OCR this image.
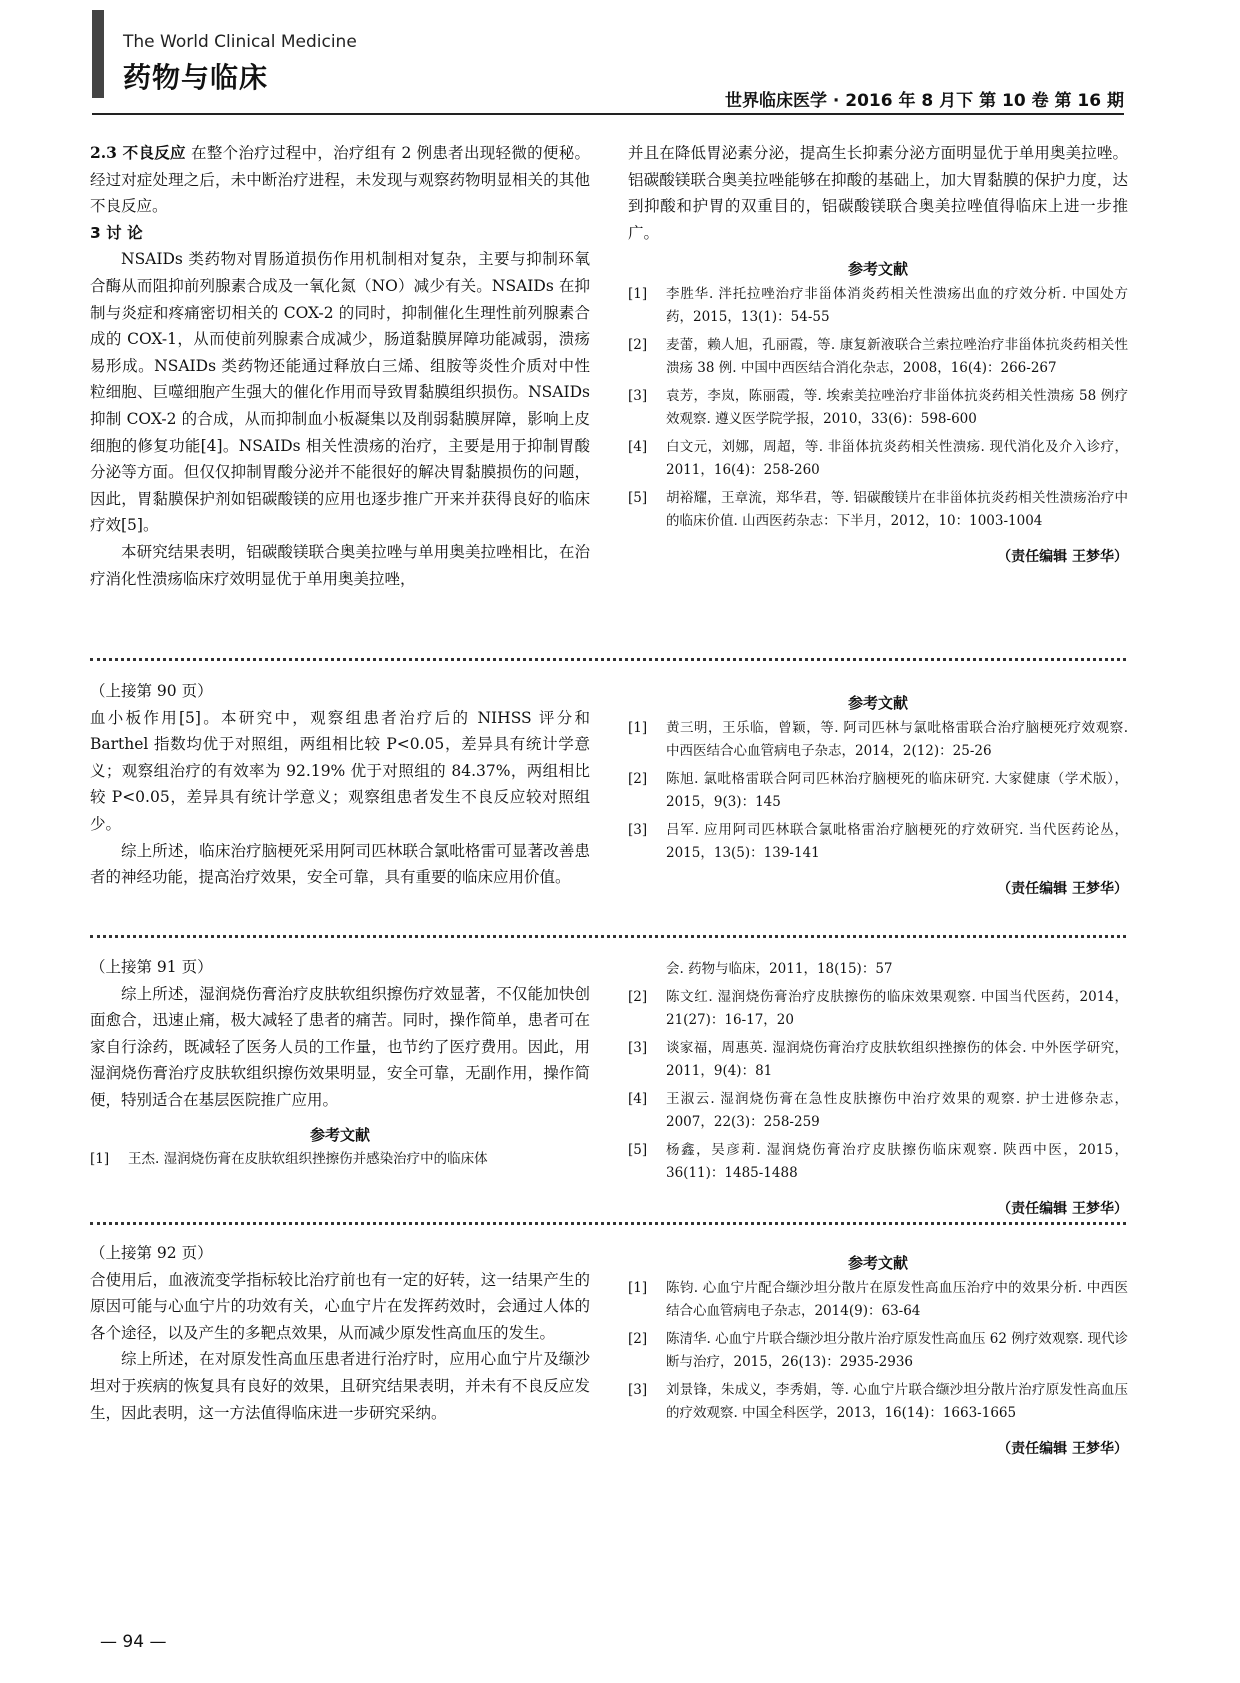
The World Clinical Medicine
药物与临床
世界临床医学 · 2016 年 8 月下 第 10 卷 第 16 期

2.3 不良反应 在整个治疗过程中，治疗组有 2 例患者出现轻微的便秘。经过对症处理之后，未中断治疗进程，未发现与观察药物明显相关的其他不良反应。

3 讨 论

NSAIDs 类药物对胃肠道损伤作用机制相对复杂，主要与抑制环氧合酶从而阻抑前列腺素合成及一氧化氮（NO）减少有关。NSAIDs 在抑制与炎症和疼痛密切相关的 COX-2 的同时，抑制催化生理性前列腺素合成的 COX-1，从而使前列腺素合成减少，肠道黏膜屏障功能减弱，溃疡易形成。NSAIDs 类药物还能通过释放白三烯、组胺等炎性介质对中性粒细胞、巨噬细胞产生强大的催化作用而导致胃黏膜组织损伤。NSAIDs 抑制 COX-2 的合成，从而抑制血小板凝集以及削弱黏膜屏障，影响上皮细胞的修复功能[4]。NSAIDs 相关性溃疡的治疗，主要是用于抑制胃酸分泌等方面。但仅仅抑制胃酸分泌并不能很好的解决胃黏膜损伤的问题，因此，胃黏膜保护剂如铝碳酸镁的应用也逐步推广开来并获得良好的临床疗效[5]。

本研究结果表明，铝碳酸镁联合奥美拉唑与单用奥美拉唑相比，在治疗消化性溃疡临床疗效明显优于单用奥美拉唑，

并且在降低胃泌素分泌，提高生长抑素分泌方面明显优于单用奥美拉唑。铝碳酸镁联合奥美拉唑能够在抑酸的基础上，加大胃黏膜的保护力度，达到抑酸和护胃的双重目的，铝碳酸镁联合奥美拉唑值得临床上进一步推广。

参考文献

[1]	李胜华. 泮托拉唑治疗非甾体消炎药相关性溃疡出血的疗效分析. 中国处方药，2015，13(1)：54-55
[2]	麦蕾，赖人旭，孔丽霞，等. 康复新液联合兰索拉唑治疗非甾体抗炎药相关性溃疡 38 例. 中国中西医结合消化杂志，2008，16(4)：266-267
[3]	袁芳，李岚，陈丽霞，等. 埃索美拉唑治疗非甾体抗炎药相关性溃疡 58 例疗效观察. 遵义医学院学报，2010，33(6)：598-600
[4]	白文元，刘娜，周超，等. 非甾体抗炎药相关性溃疡. 现代消化及介入诊疗，2011，16(4)：258-260
[5]	胡裕耀，王章流，郑华君，等. 铝碳酸镁片在非甾体抗炎药相关性溃疡治疗中的临床价值. 山西医药杂志：下半月，2012，10：1003-1004
（责任编辑 王梦华）

（上接第 90 页）

血小板作用[5]。本研究中，观察组患者治疗后的 NIHSS 评分和 Barthel 指数均优于对照组，两组相比较 P<0.05，差异具有统计学意义；观察组治疗的有效率为 92.19% 优于对照组的 84.37%，两组相比较 P<0.05，差异具有统计学意义；观察组患者发生不良反应较对照组少。

综上所述，临床治疗脑梗死采用阿司匹林联合氯吡格雷可显著改善患者的神经功能，提高治疗效果，安全可靠，具有重要的临床应用价值。

参考文献

[1]	黄三明，王乐临，曾颖，等. 阿司匹林与氯吡格雷联合治疗脑梗死疗效观察. 中西医结合心血管病电子杂志，2014，2(12)：25-26
[2]	陈旭. 氯吡格雷联合阿司匹林治疗脑梗死的临床研究. 大家健康（学术版），2015，9(3)：145
[3]	吕军. 应用阿司匹林联合氯吡格雷治疗脑梗死的疗效研究. 当代医药论丛，2015，13(5)：139-141
（责任编辑 王梦华）

（上接第 91 页）

综上所述，湿润烧伤膏治疗皮肤软组织擦伤疗效显著，不仅能加快创面愈合，迅速止痛，极大减轻了患者的痛苦。同时，操作简单，患者可在家自行涂药，既减轻了医务人员的工作量，也节约了医疗费用。因此，用湿润烧伤膏治疗皮肤软组织擦伤效果明显，安全可靠，无副作用，操作简便，特别适合在基层医院推广应用。

参考文献

[1]	王杰. 湿润烧伤膏在皮肤软组织挫擦伤并感染治疗中的临床体
会. 药物与临床，2011，18(15)：57
[2]	陈文红. 湿润烧伤膏治疗皮肤擦伤的临床效果观察. 中国当代医药，2014，21(27)：16-17，20
[3]	谈家福，周惠英. 湿润烧伤膏治疗皮肤软组织挫擦伤的体会. 中外医学研究，2011，9(4)：81
[4]	王淑云. 湿润烧伤膏在急性皮肤擦伤中治疗效果的观察. 护士进修杂志，2007，22(3)：258-259
[5]	杨鑫，吴彦莉. 湿润烧伤膏治疗皮肤擦伤临床观察. 陕西中医，2015，36(11)：1485-1488
（责任编辑 王梦华）

（上接第 92 页）

合使用后，血液流变学指标较比治疗前也有一定的好转，这一结果产生的原因可能与心血宁片的功效有关，心血宁片在发挥药效时，会通过人体的各个途径，以及产生的多靶点效果，从而减少原发性高血压的发生。

综上所述，在对原发性高血压患者进行治疗时，应用心血宁片及缬沙坦对于疾病的恢复具有良好的效果，且研究结果表明，并未有不良反应发生，因此表明，这一方法值得临床进一步研究采纳。

参考文献

[1]	陈钧. 心血宁片配合缬沙坦分散片在原发性高血压治疗中的效果分析. 中西医结合心血管病电子杂志，2014(9)：63-64
[2]	陈清华. 心血宁片联合缬沙坦分散片治疗原发性高血压 62 例疗效观察. 现代诊断与治疗，2015，26(13)：2935-2936
[3]	刘景锋，朱成义，李秀娟，等. 心血宁片联合缬沙坦分散片治疗原发性高血压的疗效观察. 中国全科医学，2013，16(14)：1663-1665
（责任编辑 王梦华）
— 94 —
